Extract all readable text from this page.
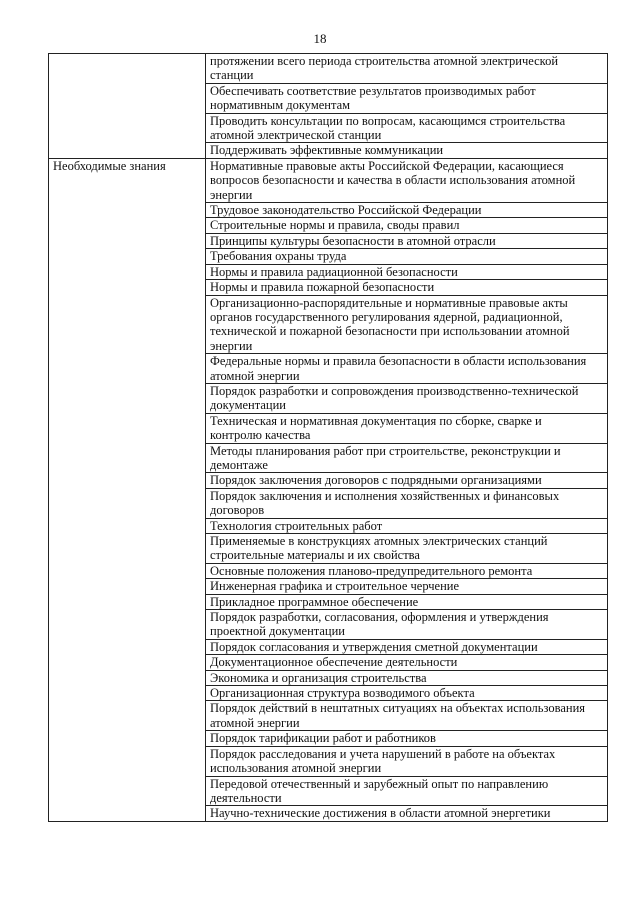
18
	протяжении всего периода строительства атомной электрической
станции
	Обеспечивать соответствие результатов производимых работ
нормативным документам
	Проводить консультации по вопросам, касающимся строительства
атомной электрической станции
	Поддерживать эффективные коммуникации
Необходимые знания	Нормативные правовые акты Российской Федерации, касающиеся
вопросов безопасности и качества в области использования атомной
энергии
	Трудовое законодательство Российской Федерации
	Строительные нормы и правила, своды правил
	Принципы культуры безопасности в атомной отрасли
	Требования охраны труда
	Нормы и правила радиационной безопасности
	Нормы и правила пожарной безопасности
	Организационно-распорядительные и нормативные правовые акты
органов государственного регулирования ядерной, радиационной,
технической и пожарной безопасности при использовании атомной
энергии
	Федеральные нормы и правила безопасности в области использования
атомной энергии
	Порядок разработки и сопровождения производственно-технической
документации
	Техническая и нормативная документация по сборке, сварке и
контролю качества
	Методы планирования работ при строительстве, реконструкции и
демонтаже
	Порядок заключения договоров с подрядными организациями
	Порядок заключения и исполнения хозяйственных и финансовых
договоров
	Технология строительных работ
	Применяемые в конструкциях атомных электрических станций
строительные материалы и их свойства
	Основные положения планово-предупредительного ремонта
	Инженерная графика и строительное черчение
	Прикладное программное обеспечение
	Порядок разработки, согласования, оформления и утверждения
проектной документации
	Порядок согласования и утверждения сметной документации
	Документационное обеспечение деятельности
	Экономика и организация строительства
	Организационная структура возводимого объекта
	Порядок действий в нештатных ситуациях на объектах использования
атомной энергии
	Порядок тарификации работ и работников
	Порядок расследования и учета нарушений в работе на объектах
использования атомной энергии
	Передовой отечественный и зарубежный опыт по направлению
деятельности
	Научно-технические достижения в области атомной энергетики
